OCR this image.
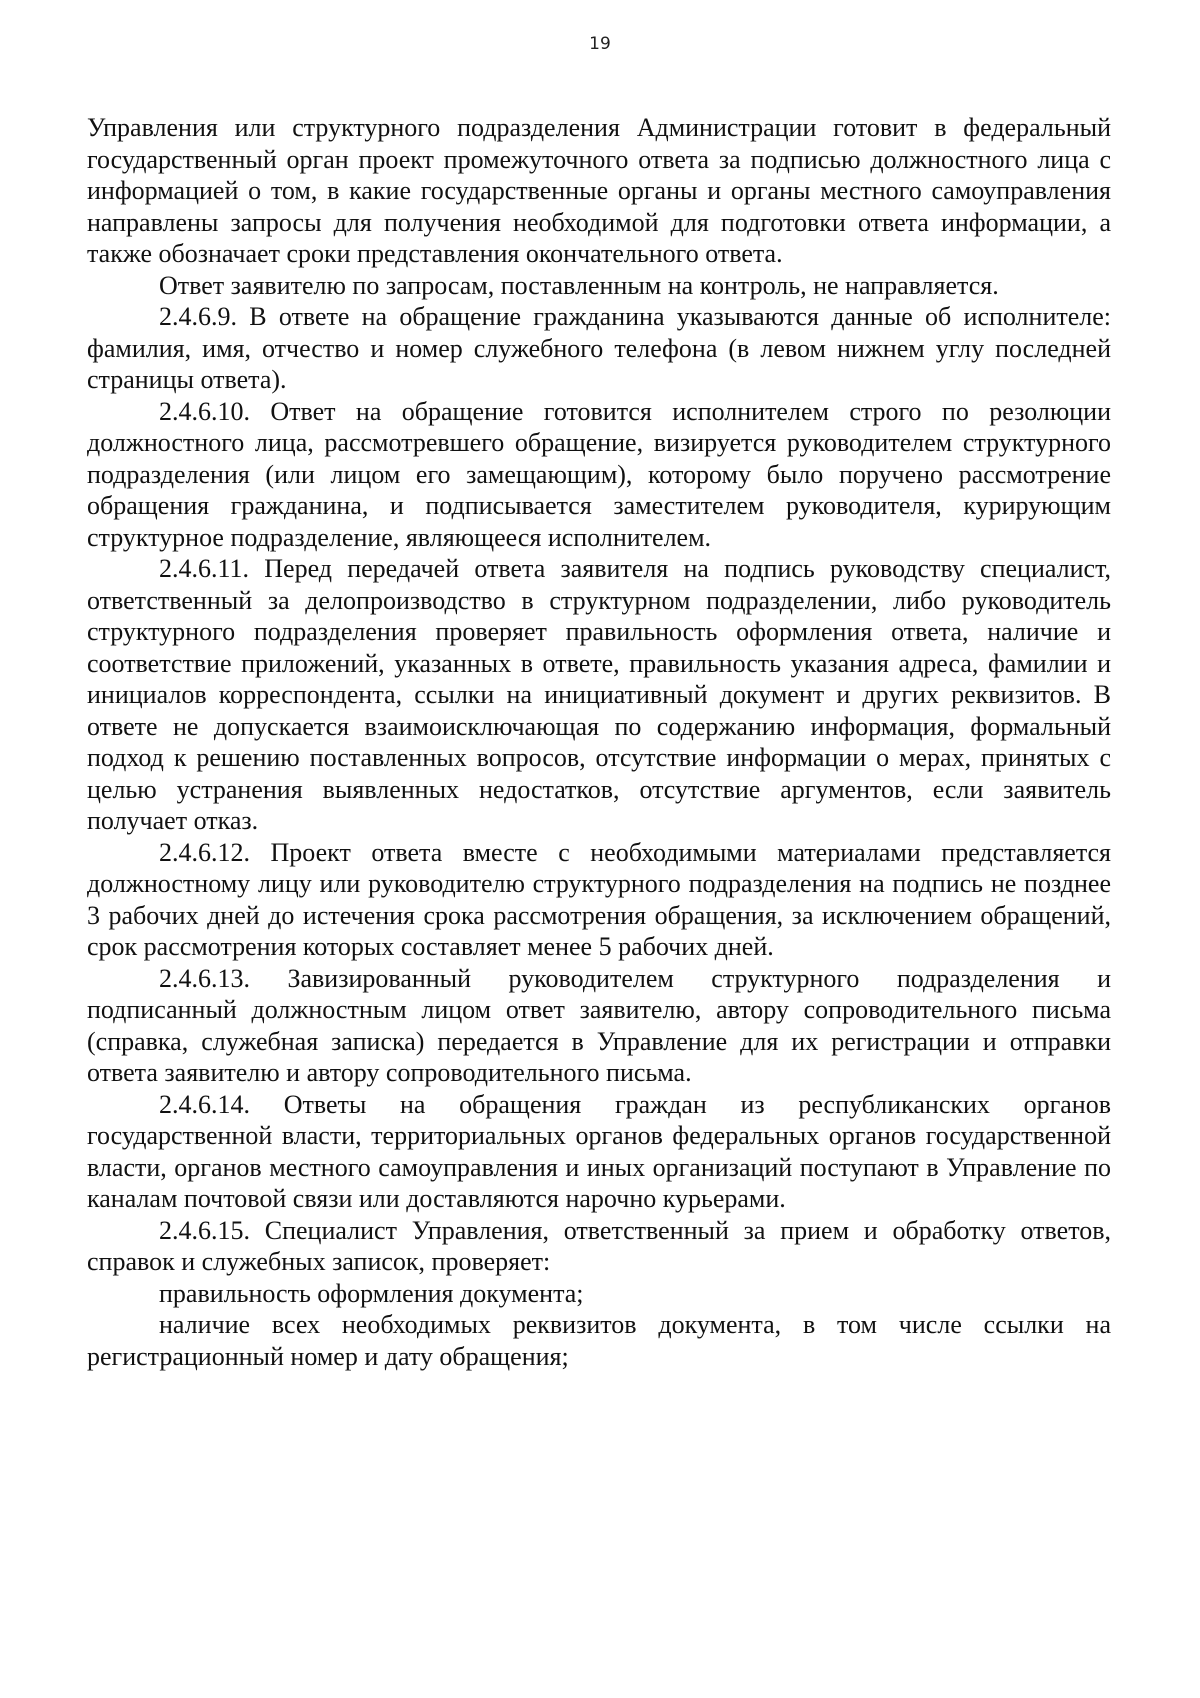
19

Управления или структурного подразделения Администрации готовит в федеральный государственный орган проект промежуточного ответа за подписью должностного лица с информацией о том, в какие государственные органы и органы местного самоуправления направлены запросы для получения необходимой для подготовки ответа информации, а также обозначает сроки представления окончательного ответа.

Ответ заявителю по запросам, поставленным на контроль, не направляется.

2.4.6.9. В ответе на обращение гражданина указываются данные об исполнителе: фамилия, имя, отчество и номер служебного телефона (в левом нижнем углу последней страницы ответа).

2.4.6.10. Ответ на обращение готовится исполнителем строго по резолюции должностного лица, рассмотревшего обращение, визируется руководителем структурного подразделения (или лицом его замещающим), которому было поручено рассмотрение обращения гражданина, и подписывается заместителем руководителя, курирующим структурное подразделение, являющееся исполнителем.

2.4.6.11. Перед передачей ответа заявителя на подпись руководству специалист, ответственный за делопроизводство в структурном подразделении, либо руководитель структурного подразделения проверяет правильность оформления ответа, наличие и соответствие приложений, указанных в ответе, правильность указания адреса, фамилии и инициалов корреспондента, ссылки на инициативный документ и других реквизитов. В ответе не допускается взаимоисключающая по содержанию информация, формальный подход к решению поставленных вопросов, отсутствие информации о мерах, принятых с целью устранения выявленных недостатков, отсутствие аргументов, если заявитель получает отказ.

2.4.6.12. Проект ответа вместе с необходимыми материалами представляется должностному лицу или руководителю структурного подразделения на подпись не позднее 3 рабочих дней до истечения срока рассмотрения обращения, за исключением обращений, срок рассмотрения которых составляет менее 5 рабочих дней.

2.4.6.13. Завизированный руководителем структурного подразделения и подписанный должностным лицом ответ заявителю, автору сопроводительного письма (справка, служебная записка) передается в Управление для их регистрации и отправки ответа заявителю и автору сопроводительного письма.

2.4.6.14. Ответы на обращения граждан из республиканских органов государственной власти, территориальных органов федеральных органов государственной власти, органов местного самоуправления и иных организаций поступают в Управление по каналам почтовой связи или доставляются нарочно курьерами.

2.4.6.15. Специалист Управления, ответственный за прием и обработку ответов, справок и служебных записок, проверяет:

правильность оформления документа;

наличие всех необходимых реквизитов документа, в том числе ссылки на регистрационный номер и дату обращения;
